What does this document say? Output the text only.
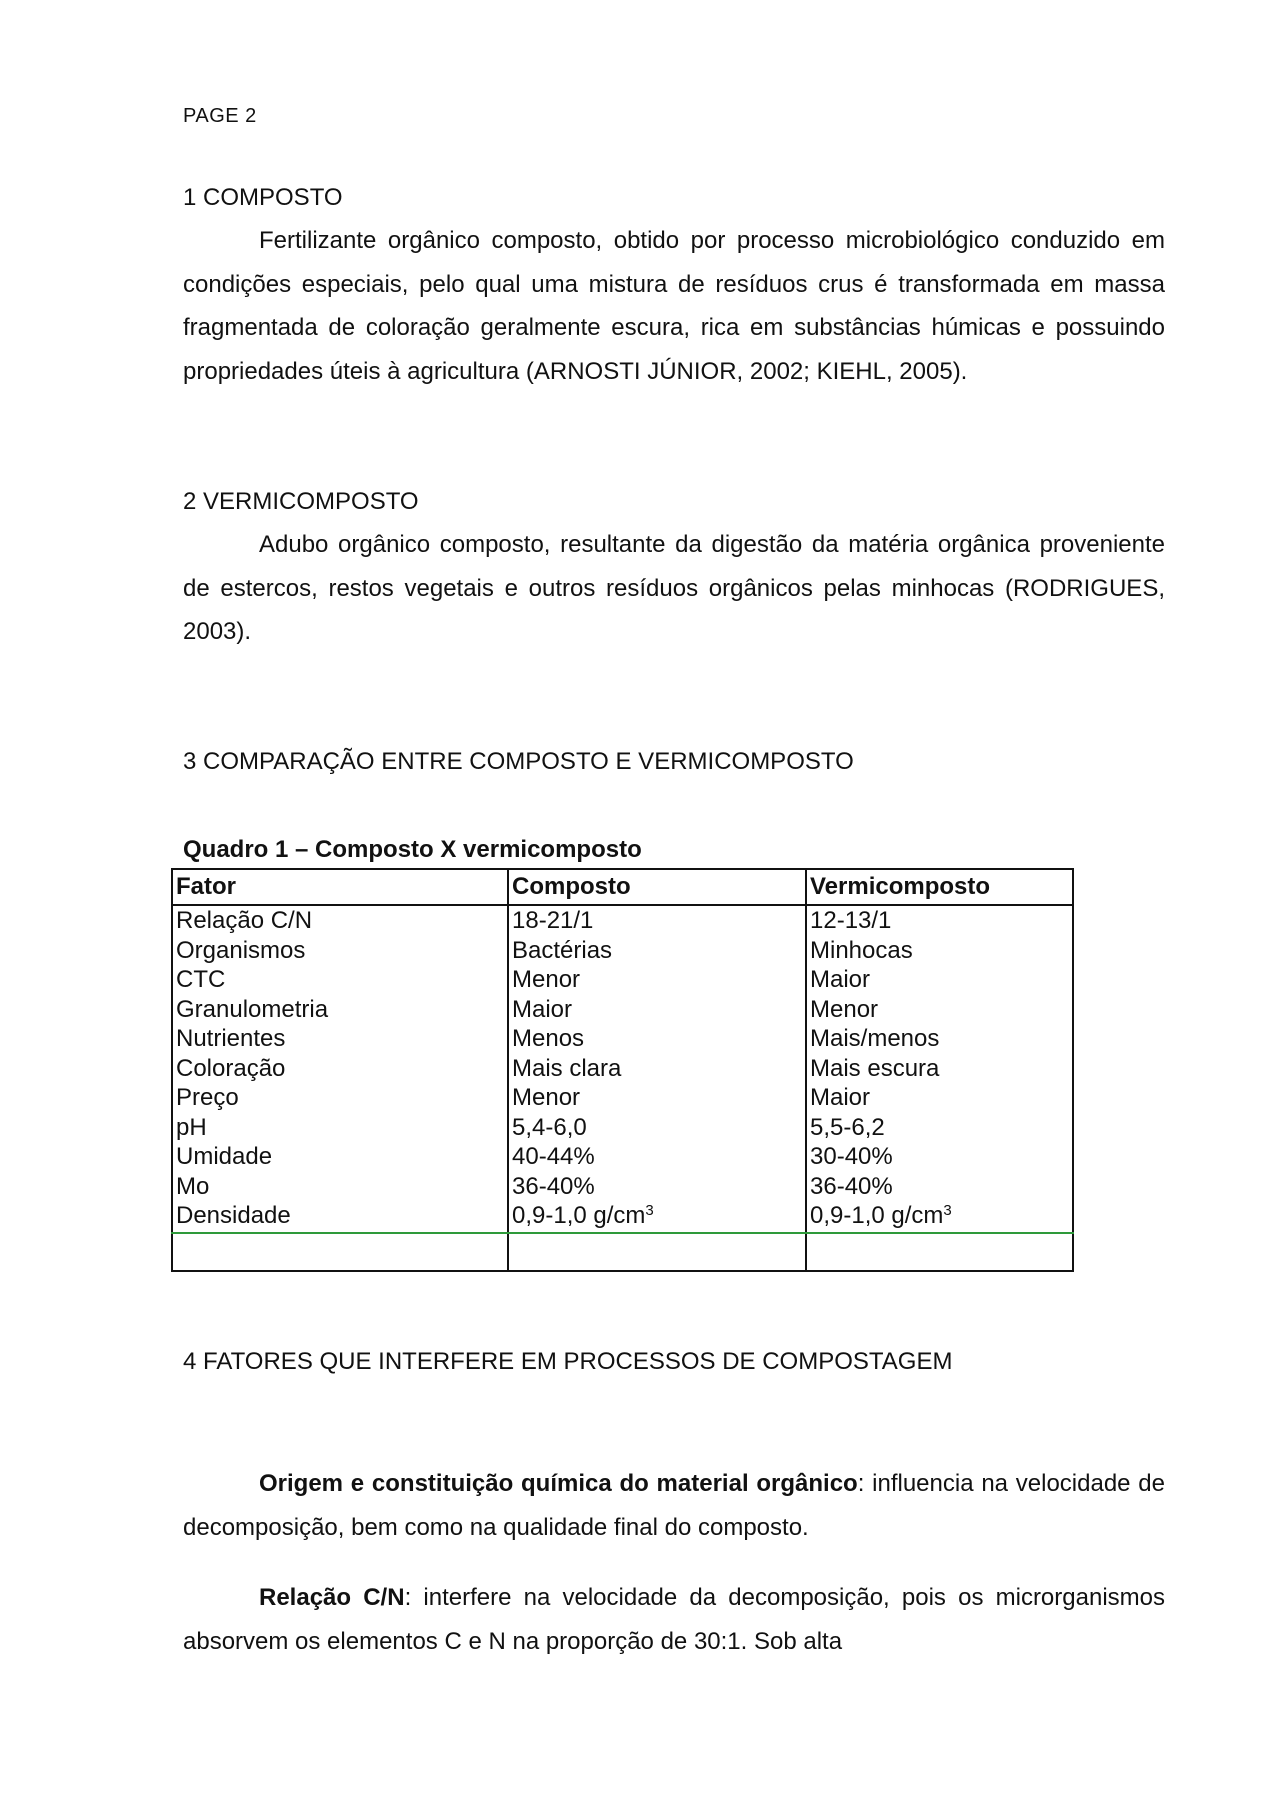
PAGE 2
1 COMPOSTO

Fertilizante orgânico composto, obtido por processo microbiológico conduzido em condições especiais, pelo qual uma mistura de resíduos crus é transformada em massa fragmentada de coloração geralmente escura, rica em substâncias húmicas e possuindo propriedades úteis à agricultura (ARNOSTI JÚNIOR, 2002; KIEHL, 2005).

2 VERMICOMPOSTO

Adubo orgânico composto, resultante da digestão da matéria orgânica proveniente de estercos, restos vegetais e outros resíduos orgânicos pelas minhocas (RODRIGUES, 2003).

3 COMPARAÇÃO ENTRE COMPOSTO E VERMICOMPOSTO
Quadro 1 – Composto X vermicomposto
Fator	Composto	Vermicomposto
Relação C/N	18-21/1	12-13/1
Organismos	Bactérias	Minhocas
CTC	Menor	Maior
Granulometria	Maior	Menor
Nutrientes	Menos	Mais/menos
Coloração	Mais clara	Mais escura
Preço	Menor	Maior
pH	5,4-6,0	5,5-6,2
Umidade	40-44%	30-40%
Mo	36-40%	36-40%
Densidade	0,9-1,0 $g/cm^3$	0,9-1,0 $g/cm^3$

4 FATORES QUE INTERFERE EM PROCESSOS DE COMPOSTAGEM

Origem e constituição química do material orgânico: influencia na velocidade de decomposição, bem como na qualidade final do composto.

Relação C/N: interfere na velocidade da decomposição, pois os microrganismos absorvem os elementos C e N na proporção de 30:1. Sob alta
